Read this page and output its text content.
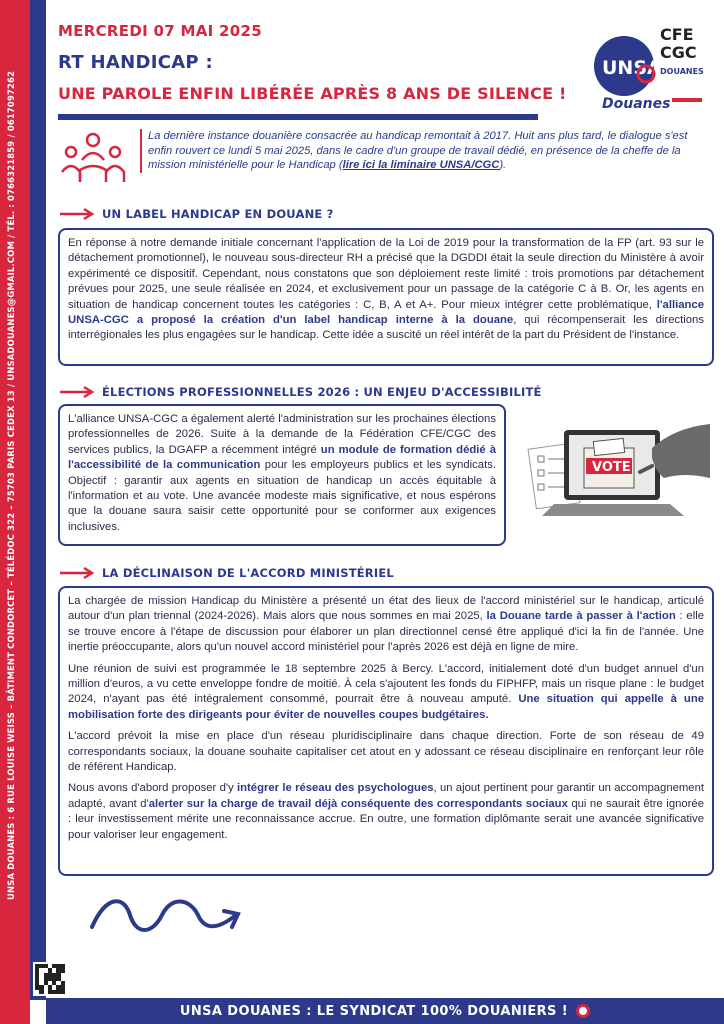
UNSA DOUANES : 6 RUE LOUISE WEISS – BÂTIMENT CONDORCET – TÉLÉDOC 322 – 75703 PARIS CEDEX 13 / UNSADOUANES@GMAIL.COM / TÉL. : 0766321859 / 0617097262
MERCREDI 07 MAI 2025
RT HANDICAP :
UNE PAROLE ENFIN LIBÉRÉE APRÈS 8 ANS DE SILENCE !
1/4
UNSA
CFE
CGC
DOUANES
Douanes
La dernière instance douanière consacrée au handicap remontait à 2017. Huit ans plus tard, le dialogue s'est enfin rouvert ce lundi 5 mai 2025, dans le cadre d'un groupe de travail dédié, en présence de la cheffe de la mission ministérielle pour le Handicap (lire ici la liminaire UNSA/CGC).
UN LABEL HANDICAP EN DOUANE ?

En réponse à notre demande initiale concernant l'application de la Loi de 2019 pour la transformation de la FP (art. 93 sur le détachement promotionnel), le nouveau sous-directeur RH a précisé que la DGDDI était la seule direction du Ministère à avoir expérimenté ce dispositif. Cependant, nous constatons que son déploiement reste limité : trois promotions par détachement prévues pour 2025, une seule réalisée en 2024, et exclusivement pour un passage de la catégorie C à B. Or, les agents en situation de handicap concernent toutes les catégories : C, B, A et A+. Pour mieux intégrer cette problématique, l'alliance UNSA-CGC a proposé la création d'un label handicap interne à la douane, qui récompenserait les directions interrégionales les plus engagées sur le handicap. Cette idée a suscité un réel intérêt de la part du Président de l'instance.

ÉLECTIONS PROFESSIONNELLES 2026 : UN ENJEU D'ACCESSIBILITÉ

L'alliance UNSA-CGC a également alerté l'administration sur les prochaines élections professionnelles de 2026. Suite à la demande de la Fédération CFE/CGC des services publics, la DGAFP a récemment intégré un module de formation dédié à l'accessibilité de la communication pour les employeurs publics et les syndicats. Objectif : garantir aux agents en situation de handicap un accès équitable à l'information et au vote. Une avancée modeste mais significative, et nous espérons que la douane saura saisir cette opportunité pour se conformer aux exigences inclusives.

VOTE
LA DÉCLINAISON DE L'ACCORD MINISTÉRIEL

La chargée de mission Handicap du Ministère a présenté un état des lieux de l'accord ministériel sur le handicap, articulé autour d'un plan triennal (2024-2026). Mais alors que nous sommes en mai 2025, la Douane tarde à passer à l'action : elle se trouve encore à l'étape de discussion pour élaborer un plan directionnel censé être appliqué d'ici la fin de l'année. Une inertie préoccupante, alors qu'un nouvel accord ministériel pour l'après 2026 est déjà en ligne de mire.

Une réunion de suivi est programmée le 18 septembre 2025 à Bercy. L'accord, initialement doté d'un budget annuel d'un million d'euros, a vu cette enveloppe fondre de moitié. À cela s'ajoutent les fonds du FIPHFP, mais un risque plane : le budget 2024, n'ayant pas été intégralement consommé, pourrait être à nouveau amputé. Une situation qui appelle à une mobilisation forte des dirigeants pour éviter de nouvelles coupes budgétaires.

L'accord prévoit la mise en place d'un réseau pluridisciplinaire dans chaque direction. Forte de son réseau de 49 correspondants sociaux, la douane souhaite capitaliser cet atout en y adossant ce réseau disciplinaire en renforçant leur rôle de référent Handicap.

Nous avons d'abord proposer d'y intégrer le réseau des psychologues, un ajout pertinent pour garantir un accompagnement adapté, avant d'alerter sur la charge de travail déjà conséquente des correspondants sociaux qui ne saurait être ignorée : leur investissement mérite une reconnaissance accrue. En outre, une formation diplômante serait une avancée significative pour valoriser leur engagement.

UNSA DOUANES : LE SYNDICAT 100% DOUANIERS !
